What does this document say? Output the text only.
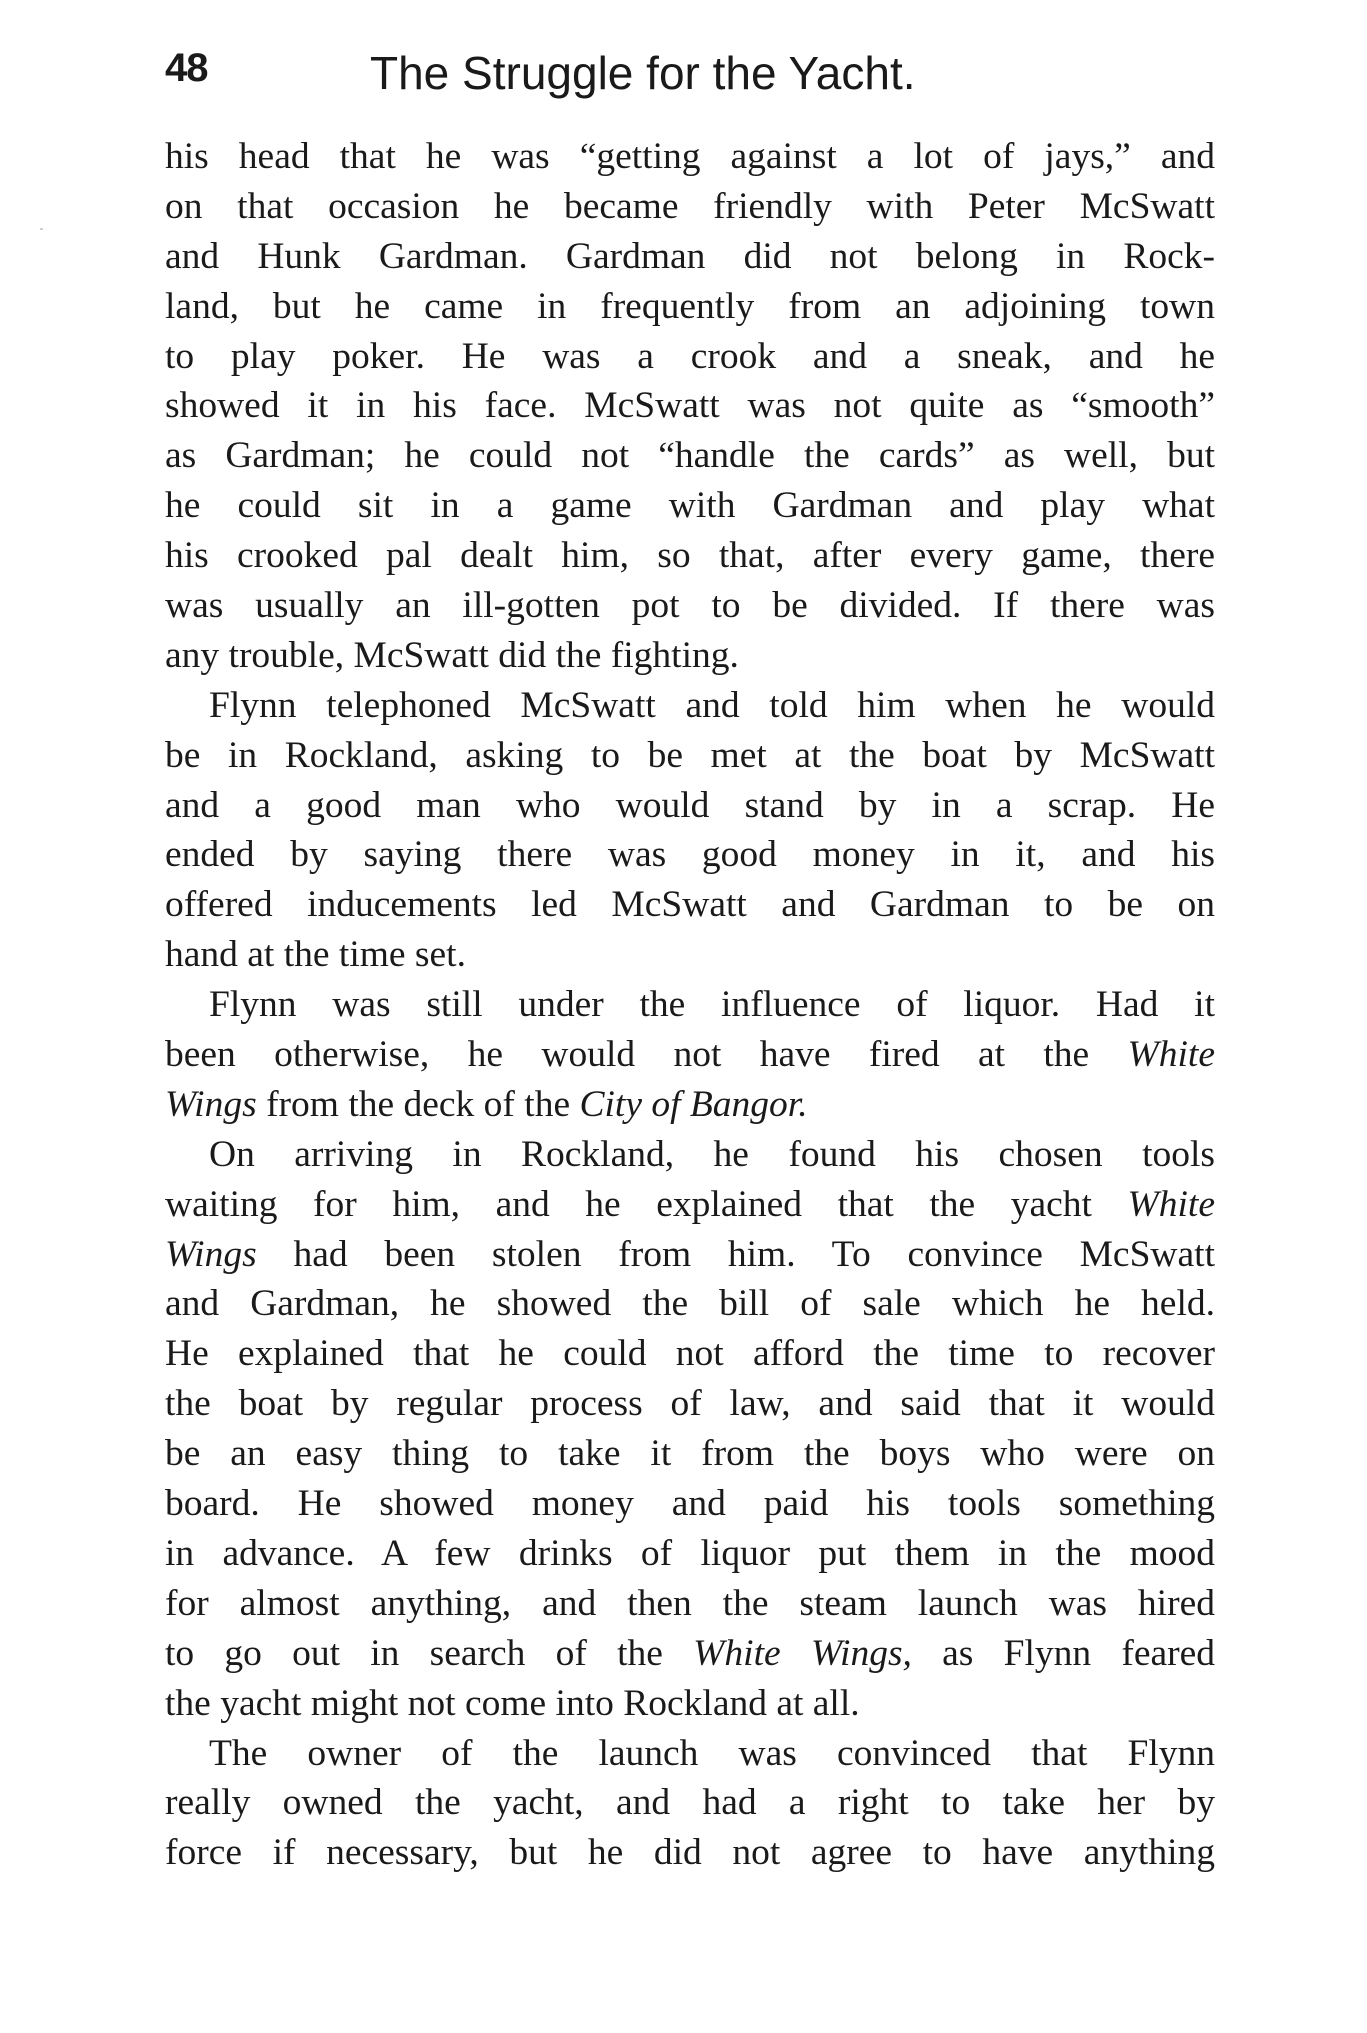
48	The Struggle for the Yacht.
his head that he was “getting against a lot of jays,” and
on that occasion he became friendly with Peter McSwatt
and Hunk Gardman. Gardman did not belong in Rock-
land, but he came in frequently from an adjoining town
to play poker. He was a crook and a sneak, and he
showed it in his face. McSwatt was not quite as “smooth”
as Gardman; he could not “handle the cards” as well, but
he could sit in a game with Gardman and play what
his crooked pal dealt him, so that, after every game, there
was usually an ill-gotten pot to be divided. If there was
any trouble, McSwatt did the fighting.
Flynn telephoned McSwatt and told him when he would
be in Rockland, asking to be met at the boat by McSwatt
and a good man who would stand by in a scrap. He
ended by saying there was good money in it, and his
offered inducements led McSwatt and Gardman to be on
hand at the time set.
Flynn was still under the influence of liquor. Had it
been otherwise, he would not have fired at the White
Wings from the deck of the City of Bangor.
On arriving in Rockland, he found his chosen tools
waiting for him, and he explained that the yacht White
Wings had been stolen from him. To convince McSwatt
and Gardman, he showed the bill of sale which he held.
He explained that he could not afford the time to recover
the boat by regular process of law, and said that it would
be an easy thing to take it from the boys who were on
board. He showed money and paid his tools something
in advance. A few drinks of liquor put them in the mood
for almost anything, and then the steam launch was hired
to go out in search of the White Wings, as Flynn feared
the yacht might not come into Rockland at all.
The owner of the launch was convinced that Flynn
really owned the yacht, and had a right to take her by
force if necessary, but he did not agree to have anything
